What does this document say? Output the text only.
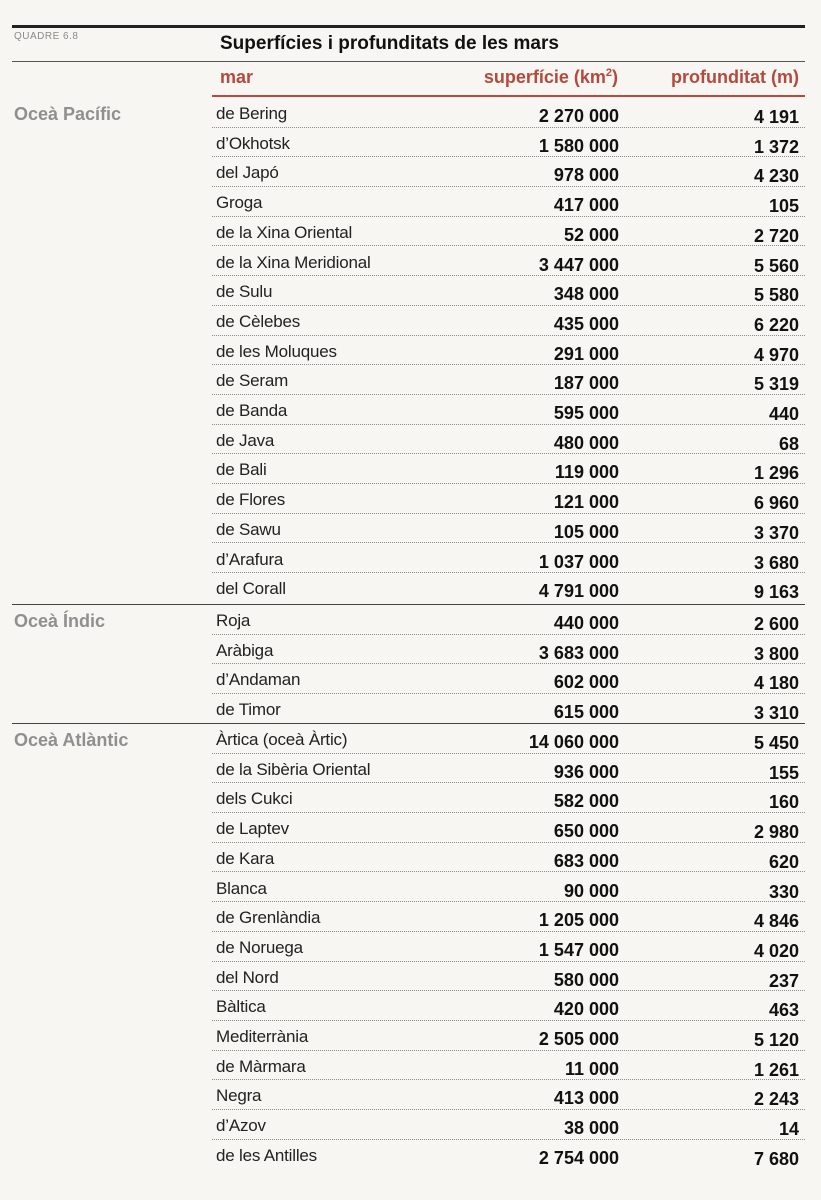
QUADRE 6.8	Superfícies i profunditats de les mars
mar	superfície $(km^2)$	profunditat (m)
Oceà Pacífic	de Bering	2 270 000	4 191
d’Okhotsk	1 580 000	1 372
del Japó	978 000	4 230
Groga	417 000	105
de la Xina Oriental	52 000	2 720
de la Xina Meridional	3 447 000	5 560
de Sulu	348 000	5 580
de Cèlebes	435 000	6 220
de les Moluques	291 000	4 970
de Seram	187 000	5 319
de Banda	595 000	440
de Java	480 000	68
de Bali	119 000	1 296
de Flores	121 000	6 960
de Sawu	105 000	3 370
d’Arafura	1 037 000	3 680
del Corall	4 791 000	9 163
Oceà Índic	Roja	440 000	2 600
Aràbiga	3 683 000	3 800
d’Andaman	602 000	4 180
de Timor	615 000	3 310
Oceà Atlàntic	Àrtica (oceà Àrtic)	14 060 000	5 450
de la Sibèria Oriental	936 000	155
dels Cukci	582 000	160
de Laptev	650 000	2 980
de Kara	683 000	620
Blanca	90 000	330
de Grenlàndia	1 205 000	4 846
de Noruega	1 547 000	4 020
del Nord	580 000	237
Bàltica	420 000	463
Mediterrània	2 505 000	5 120
de Màrmara	11 000	1 261
Negra	413 000	2 243
d’Azov	38 000	14
de les Antilles	2 754 000	7 680
